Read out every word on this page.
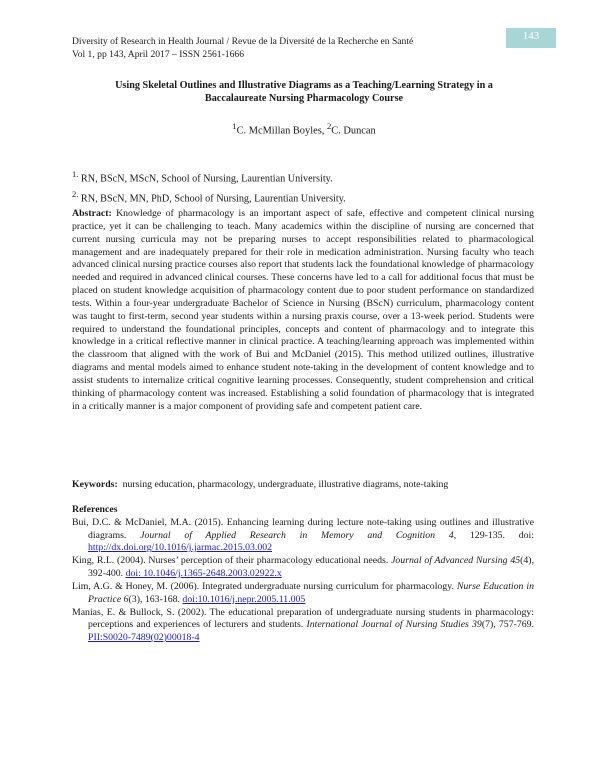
143
Diversity of Research in Health Journal / Revue de la Diversité de la Recherche en Santé
Vol 1, pp 143, April 2017 – ISSN 2561-1666
Using Skeletal Outlines and Illustrative Diagrams as a Teaching/Learning Strategy in a
Baccalaureate Nursing Pharmacology Course
$^1$C. McMillan Boyles, $^2$C. Duncan
$^{1.}$ RN, BScN, MScN, School of Nursing, Laurentian University.
$^{2.}$ RN, BScN, MN, PhD, School of Nursing, Laurentian University.

Abstract: Knowledge of pharmacology is an important aspect of safe, effective and competent clinical nursing practice, yet it can be challenging to teach. Many academics within the discipline of nursing are concerned that current nursing curricula may not be preparing nurses to accept responsibilities related to pharmacological management and are inadequately prepared for their role in medication administration. Nursing faculty who teach advanced clinical nursing practice courses also report that students lack the foundational knowledge of pharmacology needed and required in advanced clinical courses. These concerns have led to a call for additional focus that must be placed on student knowledge acquisition of pharmacology content due to poor student performance on standardized tests. Within a four-year undergraduate Bachelor of Science in Nursing (BScN) curriculum, pharmacology content was taught to first-term, second year students within a nursing praxis course, over a 13-week period. Students were required to understand the foundational principles, concepts and content of pharmacology and to integrate this knowledge in a critical reflective manner in clinical practice. A teaching/learning approach was implemented within the classroom that aligned with the work of Bui and McDaniel (2015). This method utilized outlines, illustrative diagrams and mental models aimed to enhance student note-taking in the development of content knowledge and to assist students to internalize critical cognitive learning processes. Consequently, student comprehension and critical thinking of pharmacology content was increased. Establishing a solid foundation of pharmacology that is integrated in a critically manner is a major component of providing safe and competent patient care.

Keywords: nursing education, pharmacology, undergraduate, illustrative diagrams, note-taking
References

Bui, D.C. & McDaniel, M.A. (2015). Enhancing learning during lecture note-taking using outlines and illustrative diagrams. Journal of Applied Research in Memory and Cognition 4, 129-135. doi: http://dx.doi.org/10.1016/j.jarmac.2015.03.002

King, R.L. (2004). Nurses’ perception of their pharmacology educational needs. Journal of Advanced Nursing 45(4), 392-400. doi: 10.1046/j.1365-2648.2003.02922.x

Lim, A.G. & Honey, M. (2006). Integrated undergraduate nursing curriculum for pharmacology. Nurse Education in Practice 6(3), 163-168. doi:10.1016/j.nepr.2005.11.005

Manias, E. & Bullock, S. (2002). The educational preparation of undergraduate nursing students in pharmacology: perceptions and experiences of lecturers and students. International Journal of Nursing Studies 39(7), 757-769. PII:S0020-7489(02)00018-4
